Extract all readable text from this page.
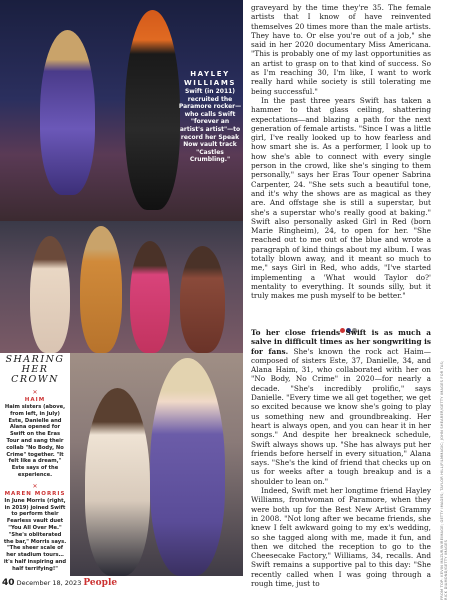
HAYLEY WILLIAMS
Swift (in 2011) recruited the Paramore rocker—who calls Swift "forever an artist's artist"—to record her Speak Now vault track "Castles Crumbling."
SHARING HER CROWN
✕
HAIM
Haim sisters (above, from left, in July) Este, Danielle and Alana opened for Swift on the Eras Tour and sang their collab "No Body, No Crime" together. "It felt like a dream," Este says of the experience.
✕
MAREN MORRIS
In June Morris (right, in 2019) joined Swift to perform their Fearless vault duet "You All Over Me." "She's obliterated the bar," Morris says. "The sheer scale of her stadium tours… it's half inspiring and half terrifying!"

graveyard by the time they're 35. The female artists that I know of have reinvented themselves 20 times more than the male artists. They have to. Or else you're out of a job," she said in her 2020 documentary Miss Americana. "This is probably one of my last opportunities as an artist to grasp on to that kind of success. So as I'm reaching 30, I'm like, I want to work really hard while society is still tolerating me being successful."

In the past three years Swift has taken a hammer to that glass ceiling, shattering expectations—and blazing a path for the next generation of female artists. "Since I was a little girl, I've really looked up to how fearless and how smart she is. As a performer, I look up to how she's able to connect with every single person in the crowd, like she's singing to them personally," says her Eras Tour opener Sabrina Carpenter, 24. "She sets such a beautiful tone, and it's why the shows are as magical as they are. And offstage she is still a superstar, but she's a superstar who's really good at baking." Swift also personally asked Girl in Red (born Marie Ringheim), 24, to open for her. "She reached out to me out of the blue and wrote a paragraph of kind things about my album. I was totally blown away, and it meant so much to me," says Girl in Red, who adds, "I've started implementing a 'What would Taylor do?' mentality to everything. It sounds silly, but it truly makes me push myself to be better."

To her close friends Swift is as much a salve in difficult times as her songwriting is for fans. She's known the rock act Haim—composed of sisters Este, 37, Danielle, 34, and Alana Haim, 31, who collaborated with her on "No Body, No Crime" in 2020—for nearly a decade. "She's incredibly prolific," says Danielle. "Every time we all get together, we get so excited because we know she's going to play us something new and groundbreaking. Her heart is always open, and you can hear it in her songs." And despite her breakneck schedule, Swift always shows up. "She has always put her friends before herself in every situation," Alana says. "She's the kind of friend that checks up on us for weeks after a tough breakup and is a shoulder to lean on."

Indeed, Swift met her longtime friend Hayley Williams, frontwoman of Paramore, when they were both up for the Best New Artist Grammy in 2008. "Not long after we became friends, she knew I felt awkward going to my ex's wedding, so she tagged along with me, made it fun, and then we ditched the reception to go to the Cheesecake Factory," Williams, 34, recalls. And Swift remains a supportive pal to this day: "She recently called when I was going through a rough time, just to	FROM TOP: KEVIN MAZUR/WIREIMAGE; GETTY IMAGES; TAYLOR HILL/FILMMAGIC; JOHN SHEARER/GETTY IMAGES FOR TAS; RICK DIAMOND/GETTY IMAGES
40 December 18, 2023 People
